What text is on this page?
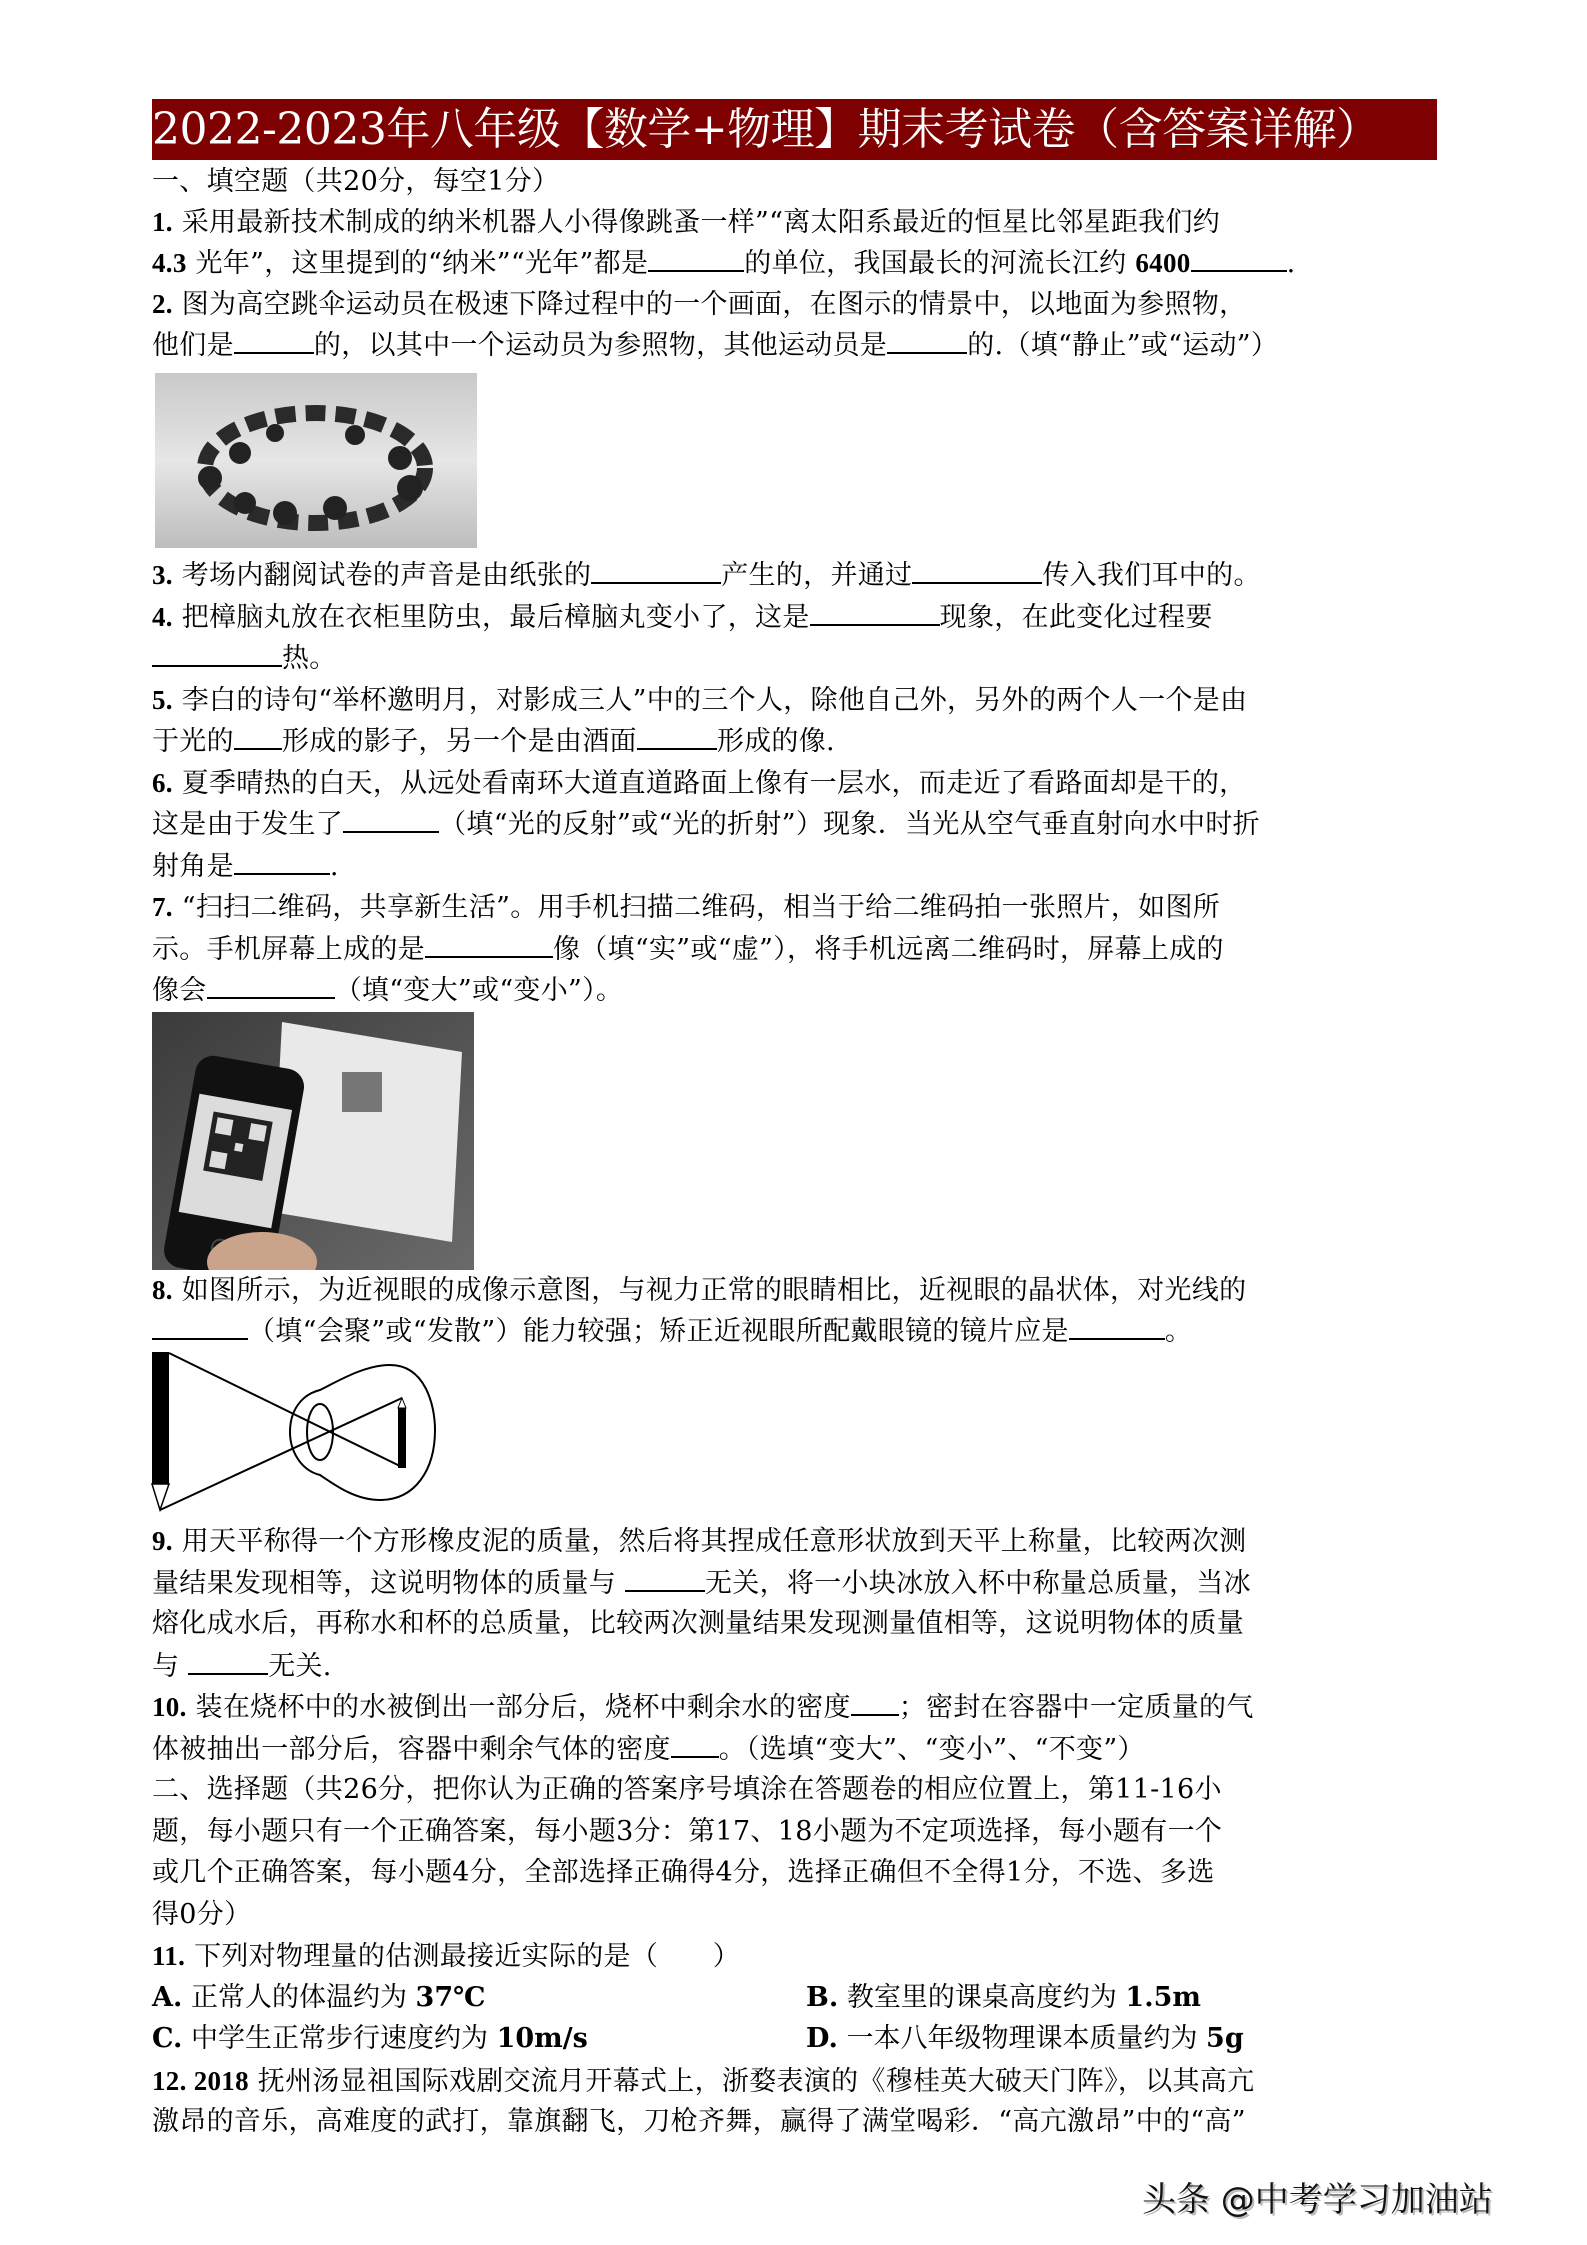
2022-2023年八年级【数学+物理】期末考试卷（含答案详解）
一、填空题（共20分，每空1分）
1. 采用最新技术制成的纳米机器人小得像跳蚤一样”“离太阳系最近的恒星比邻星距我们约
4.3 光年”，这里提到的“纳米”“光年”都是	的单位，我国最长的河流长江约 6400	.
2. 图为高空跳伞运动员在极速下降过程中的一个画面，在图示的情景中，以地面为参照物，
他们是	的，以其中一个运动员为参照物，其他运动员是	的.（填“静止”或“运动”）
3. 考场内翻阅试卷的声音是由纸张的	产生的，并通过	传入我们耳中的。
4. 把樟脑丸放在衣柜里防虫，最后樟脑丸变小了，这是	现象，在此变化过程要
热。
5. 李白的诗句“举杯邀明月，对影成三人”中的三个人，除他自己外，另外的两个人一个是由
于光的 形成的影子，另一个是由酒面	形成的像.
6. 夏季晴热的白天，从远处看南环大道直道路面上像有一层水，而走近了看路面却是干的，
这是由于发生了	（填“光的反射”或“光的折射”）现象．当光从空气垂直射向水中时折
射角是	.
7. “扫扫二维码，共享新生活”。用手机扫描二维码，相当于给二维码拍一张照片，如图所
示。手机屏幕上成的是	像（填“实”或“虚”），将手机远离二维码时，屏幕上成的
像会	（填“变大”或“变小”）。
8. 如图所示，为近视眼的成像示意图，与视力正常的眼睛相比，近视眼的晶状体，对光线的
（填“会聚”或“发散”）能力较强；矫正近视眼所配戴眼镜的镜片应是	。
9. 用天平称得一个方形橡皮泥的质量，然后将其捏成任意形状放到天平上称量，比较两次测
量结果发现相等，这说明物体的质量与	无关，将一小块冰放入杯中称量总质量，当冰
熔化成水后，再称水和杯的总质量，比较两次测量结果发现测量值相等，这说明物体的质量
与	无关.
10. 装在烧杯中的水被倒出一部分后，烧杯中剩余水的密度 ；密封在容器中一定质量的气
体被抽出一部分后，容器中剩余气体的密度 。（选填“变大”、“变小”、“不变”）
二、选择题（共26分，把你认为正确的答案序号填涂在答题卷的相应位置上，第11-16小
题，每小题只有一个正确答案，每小题3分：第17、18小题为不定项选择，每小题有一个
或几个正确答案，每小题4分，全部选择正确得4分，选择正确但不全得1分，不选、多选
得0分）
11. 下列对物理量的估测最接近实际的是（　　）
A. 正常人的体温约为 37℃	B. 教室里的课桌高度约为 1.5m
C. 中学生正常步行速度约为 10m/s	D. 一本八年级物理课本质量约为 5g
12. 2018 抚州汤显祖国际戏剧交流月开幕式上，浙婺表演的《穆桂英大破天门阵》，以其高亢
激昂的音乐，高难度的武打，靠旗翻飞，刀枪齐舞，赢得了满堂喝彩．“高亢激昂”中的“高”
头条 @中考学习加油站
